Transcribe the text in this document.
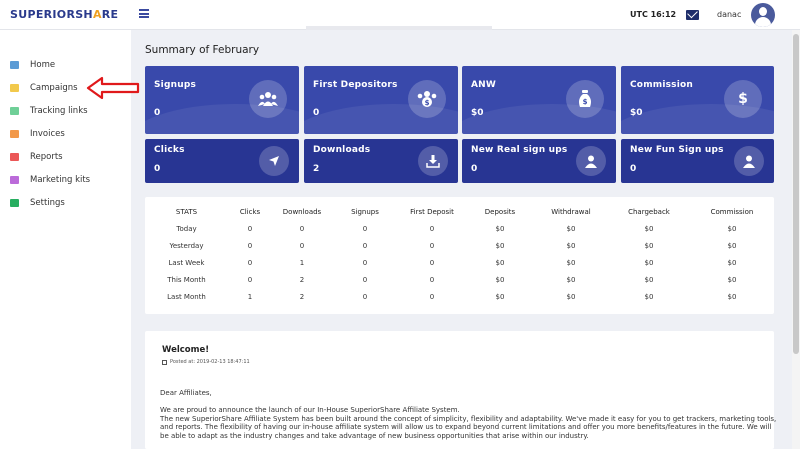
SUPERIORSHARE	UTC 16:12	danac
Home
Campaigns
Tracking links
Invoices
Reports
Marketing kits
Settings
Summary of February
Signups
0
First Depositors
0
$
ANW
$0
$
Commission
$0
$
Clicks
0
Downloads
2
New Real sign ups
0
New Fun Sign ups
0
STATS	Clicks	Downloads	Signups	First Deposit	Deposits	Withdrawal	Chargeback	Commission
Today	0	0	0	0	$0	$0	$0	$0
Yesterday	0	0	0	0	$0	$0	$0	$0
Last Week	0	1	0	0	$0	$0	$0	$0
This Month	0	2	0	0	$0	$0	$0	$0
Last Month	1	2	0	0	$0	$0	$0	$0
Welcome!
Posted at: 2019-02-13 18:47:11
Dear Affiliates,
We are proud to announce the launch of our In-House SuperiorShare Affiliate System.
The new SuperiorShare Affiliate System has been built around the concept of simplicity, flexibility and adaptability. We've made it easy for you to get trackers, marketing tools, and reports. The flexibility of having our in-house affiliate system will allow us to expand beyond current limitations and offer you more benefits/features in the future. We will be able to adapt as the industry changes and take advantage of new business opportunities that arise within our industry.
